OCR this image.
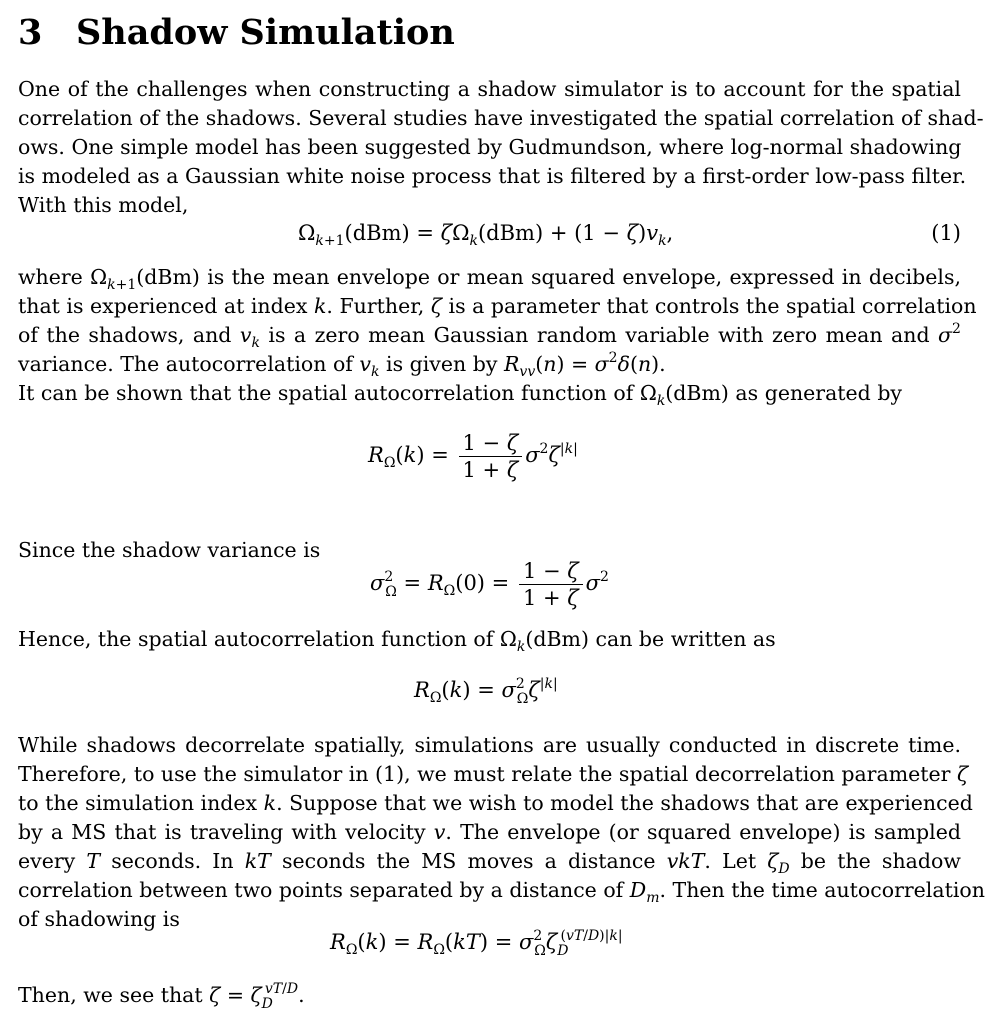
3 Shadow Simulation
One of the challenges when constructing a shadow simulator is to account for the spatial
correlation of the shadows. Several studies have investigated the spatial correlation of shad-
ows. One simple model has been suggested by Gudmundson, where log-normal shadowing
is modeled as a Gaussian white noise process that is filtered by a first-order low-pass filter.
With this model,
$\Omega_{k+1}(dBm) = \zeta\Omega_k(dBm) + (1 - \zeta)v_k$,	(1)
where $\Omega_{k+1}(dBm)$ is the mean envelope or mean squared envelope, expressed in decibels,
that is experienced at index k. Further, ζ is a parameter that controls the spatial correlation
of the shadows, and $v_k$ is a zero mean Gaussian random variable with zero mean and $\sigma^2$
variance. The autocorrelation of $v_k$ is given by $R_{vv}(n) = \sigma^2\delta(n)$.
It can be shown that the spatial autocorrelation function of $\Omega_k(dBm)$ as generated by
$R_\Omega(k) = \frac{1 - \zeta}{1 + \zeta} \sigma^2\zeta^{|k|}$
Since the shadow variance is
$\sigma^2_\Omega = R_\Omega(0) = \frac{1 - \zeta}{1 + \zeta} \sigma^2$
Hence, the spatial autocorrelation function of $\Omega_k(dBm)$ can be written as
$R_\Omega(k) = \sigma^2_\Omega\zeta^{|k|}$
While shadows decorrelate spatially, simulations are usually conducted in discrete time.
Therefore, to use the simulator in (1), we must relate the spatial decorrelation parameter ζ
to the simulation index k. Suppose that we wish to model the shadows that are experienced
by a MS that is traveling with velocity v. The envelope (or squared envelope) is sampled
every T seconds. In kT seconds the MS moves a distance vkT. Let $\zeta_D$ be the shadow
correlation between two points separated by a distance of $D_m$. Then the time autocorrelation
of shadowing is
$R_\Omega(k) = R_\Omega(kT) = \sigma^2_\Omega\zeta_D^{(vT/D)|k|}$
Then, we see that $\zeta = \zeta_D^{vT/D}$.
